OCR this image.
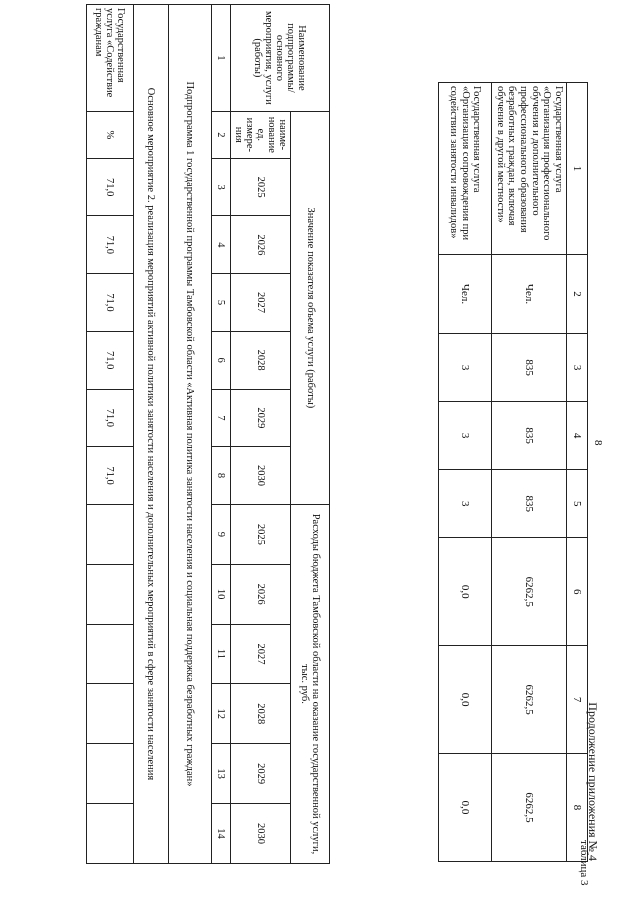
8
Продолжение приложения № 4
1	2	3	4	5	6	7	8
Государственная услуга «Организация профессионального обучения и дополнительного профессионального образования безработных граждан, включая обучение в другой местности»	Чел.	835	835	835	6262,5	6262,5	6262,5
Государственная услуга «Организация сопровождения при содействии занятости инвалидов»	Чел.	3	3	3	0,0	0,0	0,0
таблица 3
Наименование подпрограммы/ основного мероприятия, услуги (работы)	Значение показателя объема услуги (работы)							Расходы бюджета Тамбовской области на оказание государственной услуги, тыс. руб.					
	наиме-нование ед. измере-ния	2025	2026	2027	2028	2029	2030	2025	2026	2027	2028	2029	2030
1	2	3	4	5	6	7	8	9	10	11	12	13	14
Подпрограмма 1 государственной программы Тамбовской области «Активная политика занятости населения и социальная поддержка безработных граждан»													
Основное мероприятие 2. реализация мероприятий активной политики занятости населения и дополнительных мероприятий в сфере занятости населения													
Государственная услуга «Содействие гражданам	%	71,0	71,0	71,0	71,0	71,0	71,0						
